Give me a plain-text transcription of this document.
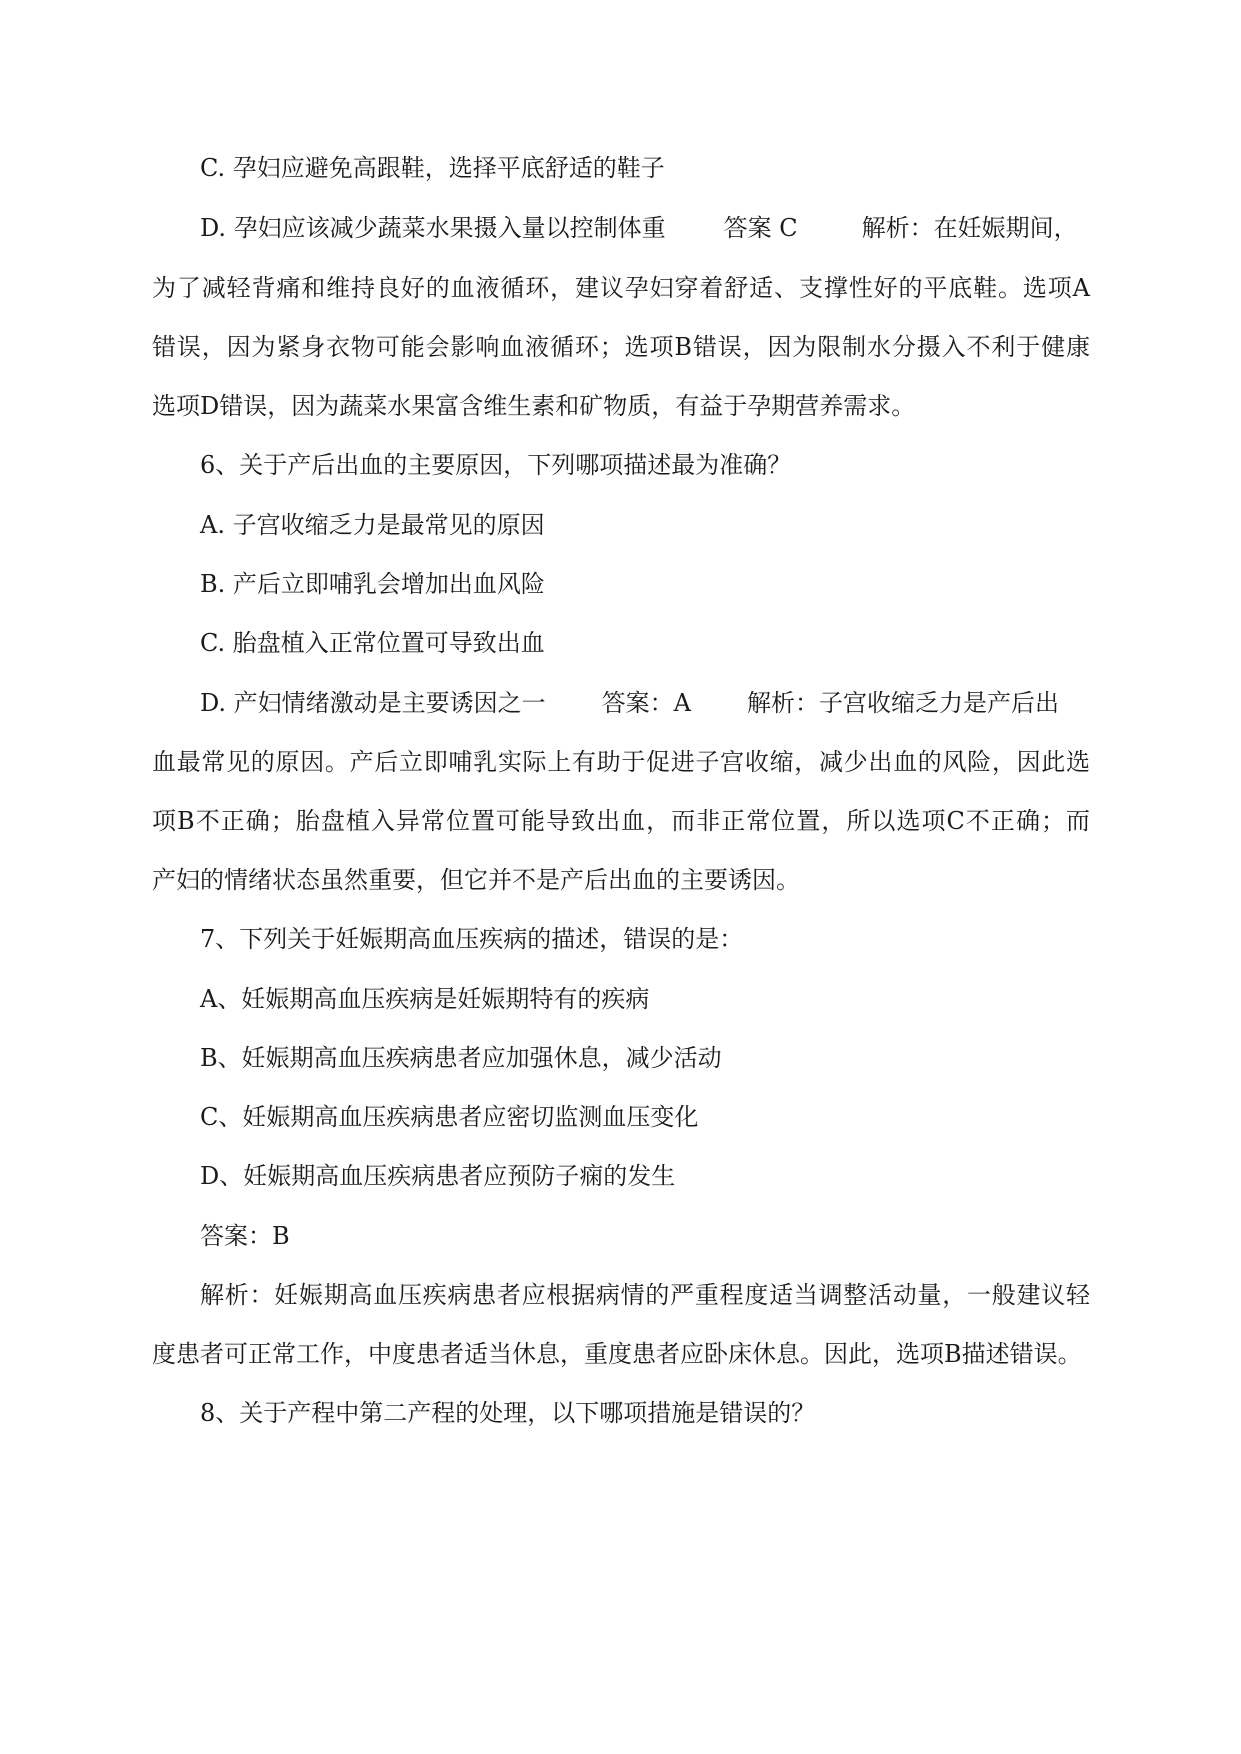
C. 孕妇应避免高跟鞋，选择平底舒适的鞋子
D. 孕妇应该减少蔬菜水果摄入量以控制体重 答案 C	解析：在妊娠期间，
为了减轻背痛和维持良好的血液循环，建议孕妇穿着舒适、支撑性好的平底鞋。选项A
错误，因为紧身衣物可能会影响血液循环；选项B错误，因为限制水分摄入不利于健康
选项D错误，因为蔬菜水果富含维生素和矿物质，有益于孕期营养需求。
6、关于产后出血的主要原因，下列哪项描述最为准确？
A. 子宫收缩乏力是最常见的原因
B. 产后立即哺乳会增加出血风险
C. 胎盘植入正常位置可导致出血
D. 产妇情绪激动是主要诱因之一 答案：A 解析：子宫收缩乏力是产后出
血最常见的原因。产后立即哺乳实际上有助于促进子宫收缩，减少出血的风险，因此选
项B不正确；胎盘植入异常位置可能导致出血，而非正常位置，所以选项C不正确；而
产妇的情绪状态虽然重要，但它并不是产后出血的主要诱因。
7、下列关于妊娠期高血压疾病的描述，错误的是：
A、妊娠期高血压疾病是妊娠期特有的疾病
B、妊娠期高血压疾病患者应加强休息，减少活动
C、妊娠期高血压疾病患者应密切监测血压变化
D、妊娠期高血压疾病患者应预防子痫的发生
答案：B
解析：妊娠期高血压疾病患者应根据病情的严重程度适当调整活动量，一般建议轻
度患者可正常工作，中度患者适当休息，重度患者应卧床休息。因此，选项B描述错误。
8、关于产程中第二产程的处理，以下哪项措施是错误的？
